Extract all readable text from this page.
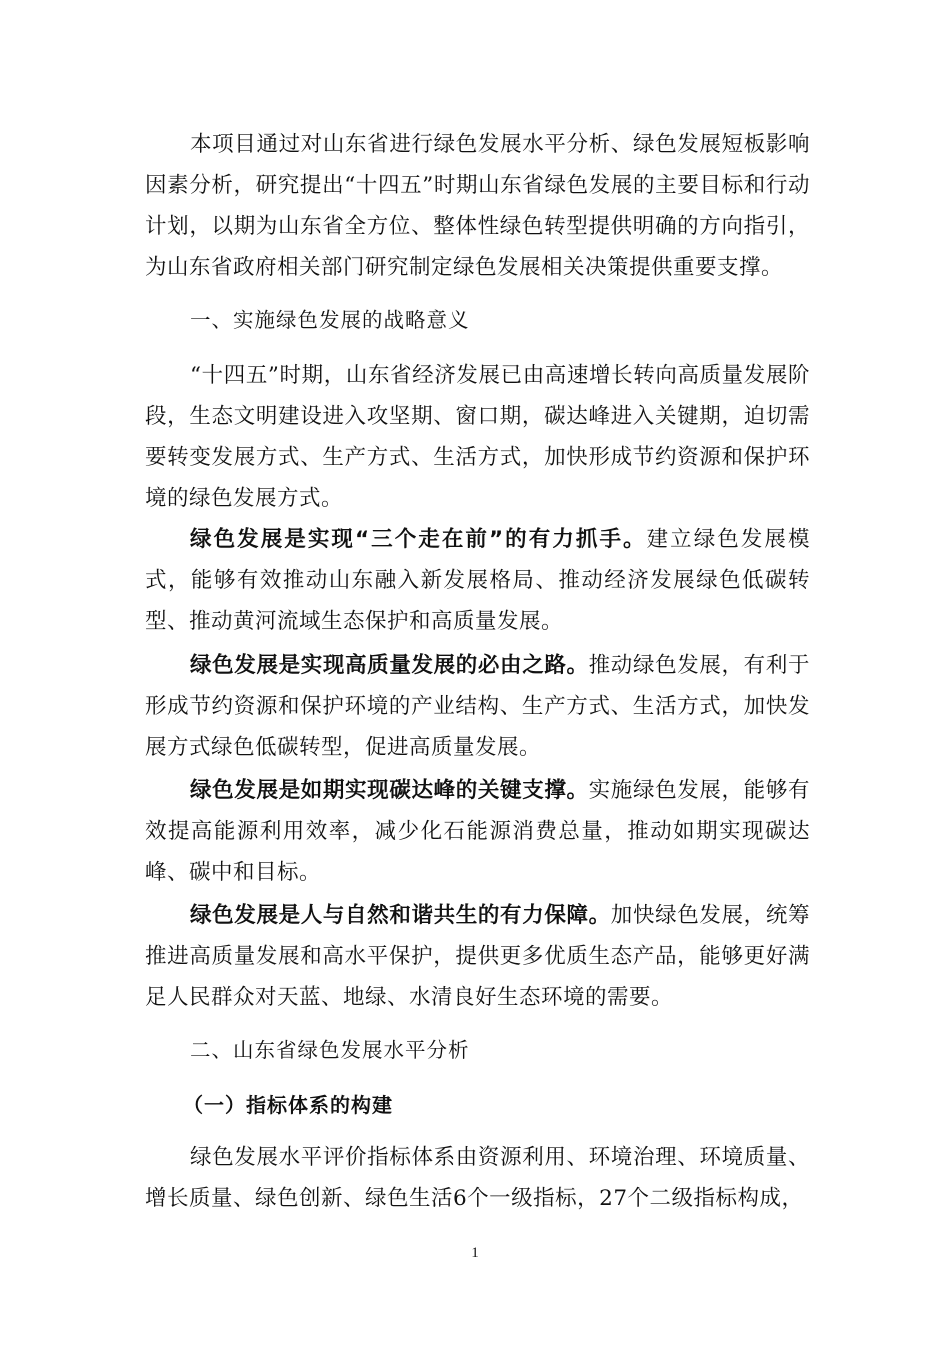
本项目通过对山东省进行绿色发展水平分析、绿色发展短板影响因素分析，研究提出“十四五”时期山东省绿色发展的主要目标和行动计划，以期为山东省全方位、整体性绿色转型提供明确的方向指引，为山东省政府相关部门研究制定绿色发展相关决策提供重要支撑。

一、实施绿色发展的战略意义

“十四五”时期，山东省经济发展已由高速增长转向高质量发展阶段，生态文明建设进入攻坚期、窗口期，碳达峰进入关键期，迫切需要转变发展方式、生产方式、生活方式，加快形成节约资源和保护环境的绿色发展方式。

绿色发展是实现“三个走在前”的有力抓手。建立绿色发展模式，能够有效推动山东融入新发展格局、推动经济发展绿色低碳转型、推动黄河流域生态保护和高质量发展。

绿色发展是实现高质量发展的必由之路。推动绿色发展，有利于形成节约资源和保护环境的产业结构、生产方式、生活方式，加快发展方式绿色低碳转型，促进高质量发展。

绿色发展是如期实现碳达峰的关键支撑。实施绿色发展，能够有效提高能源利用效率，减少化石能源消费总量，推动如期实现碳达峰、碳中和目标。

绿色发展是人与自然和谐共生的有力保障。加快绿色发展，统筹推进高质量发展和高水平保护，提供更多优质生态产品，能够更好满足人民群众对天蓝、地绿、水清良好生态环境的需要。

二、山东省绿色发展水平分析
（一）指标体系的构建

绿色发展水平评价指标体系由资源利用、环境治理、环境质量、增长质量、绿色创新、绿色生活6个一级指标，27个二级指标构成，

1
